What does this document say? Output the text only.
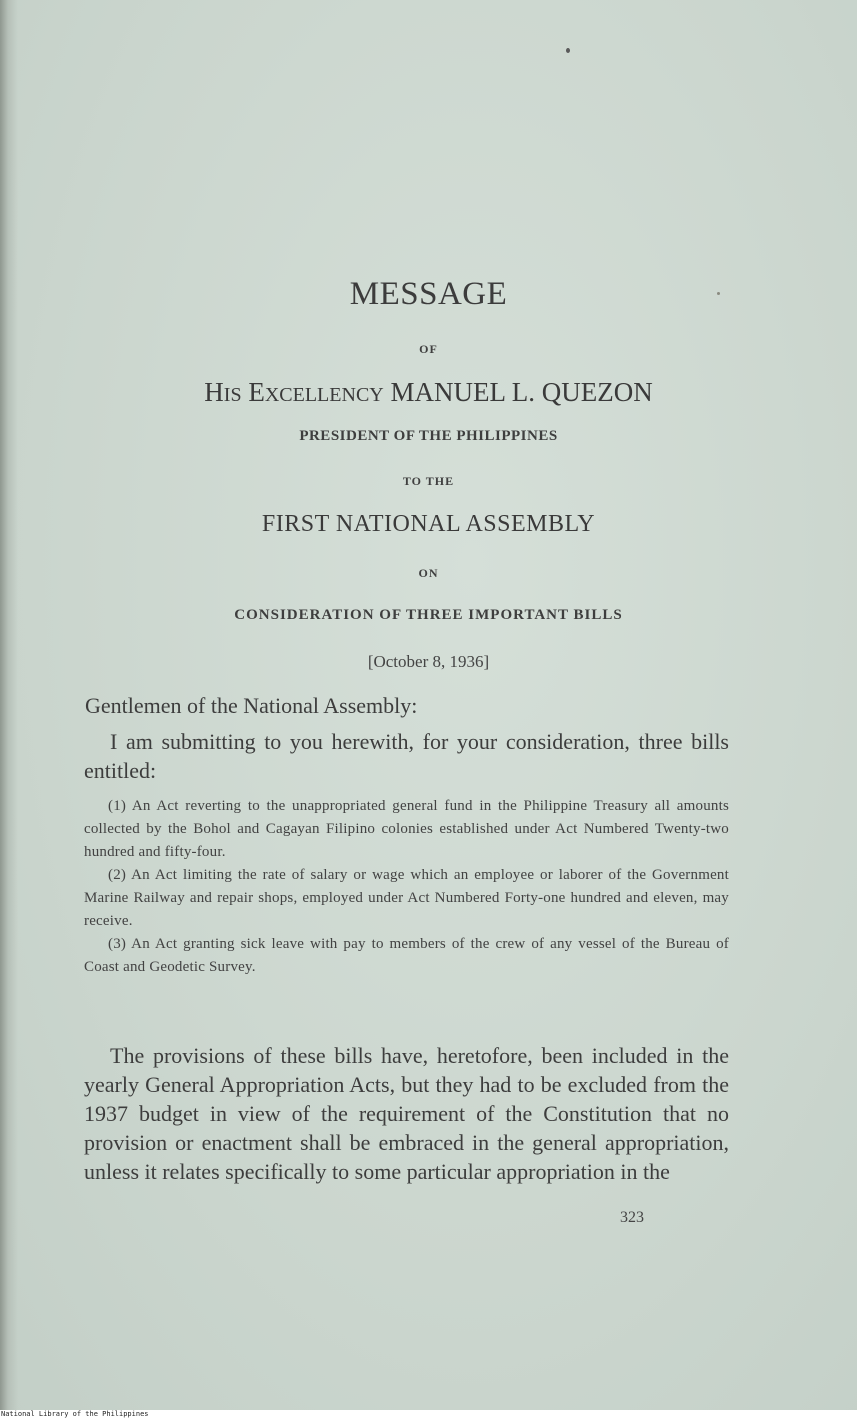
MESSAGE
OF
HIS EXCELLENCY MANUEL L. QUEZON
PRESIDENT OF THE PHILIPPINES
TO THE
FIRST NATIONAL ASSEMBLY
ON
CONSIDERATION OF THREE IMPORTANT BILLS
[October 8, 1936]
Gentlemen of the National Assembly:

I am submitting to you herewith, for your consideration, three bills entitled:

(1) An Act reverting to the unappropriated general fund in the Philippine Treasury all amounts collected by the Bohol and Cagayan Filipino colonies established under Act Numbered Twenty-two hundred and fifty-four.

(2) An Act limiting the rate of salary or wage which an employee or laborer of the Government Marine Railway and repair shops, employed under Act Numbered Forty-one hundred and eleven, may receive.

(3) An Act granting sick leave with pay to members of the crew of any vessel of the Bureau of Coast and Geodetic Survey.

The provisions of these bills have, heretofore, been included in the yearly General Appropriation Acts, but they had to be excluded from the 1937 budget in view of the requirement of the Constitution that no provision or enactment shall be embraced in the general appropriation, unless it relates specifically to some particular appropriation in the

323
National Library of the Philippines
